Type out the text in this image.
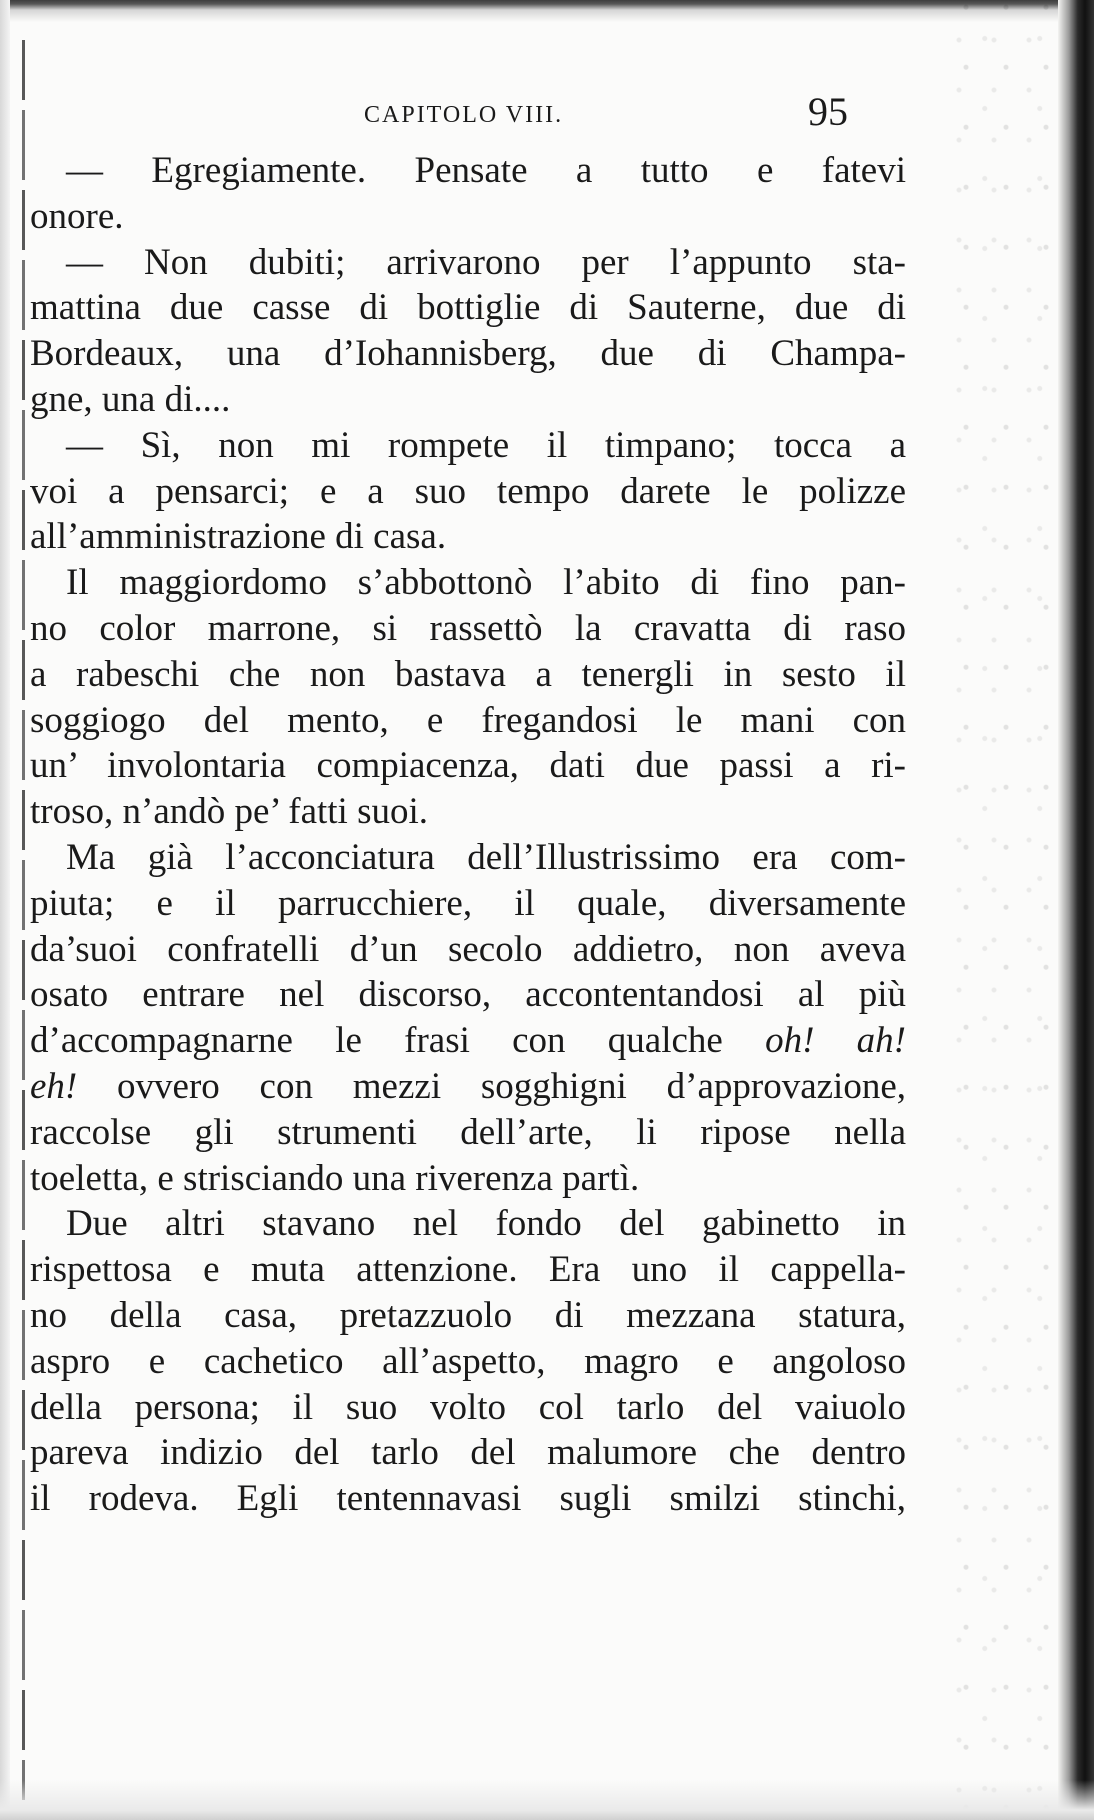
CAPITOLO VIII.	95
— Egregiamente. Pensate a tutto e fatevi
onore.
— Non dubiti; arrivarono per l’appunto sta-
mattina due casse di bottiglie di Sauterne, due di
Bordeaux, una d’Iohannisberg, due di Champa-
gne, una di....
— Sì, non mi rompete il timpano; tocca a
voi a pensarci; e a suo tempo darete le polizze
all’amministrazione di casa.
Il maggiordomo s’abbottonò l’abito di fino pan-
no color marrone, si rassettò la cravatta di raso
a rabeschi che non bastava a tenergli in sesto il
soggiogo del mento, e fregandosi le mani con
un’ involontaria compiacenza, dati due passi a ri-
troso, n’andò pe’ fatti suoi.
Ma già l’acconciatura dell’Illustrissimo era com-
piuta; e il parrucchiere, il quale, diversamente
da’suoi confratelli d’un secolo addietro, non aveva
osato entrare nel discorso, accontentandosi al più
d’accompagnarne le frasi con qualche oh! ah!
eh! ovvero con mezzi sogghigni d’approvazione,
raccolse gli strumenti dell’arte, li ripose nella
toeletta, e strisciando una riverenza partì.
Due altri stavano nel fondo del gabinetto in
rispettosa e muta attenzione. Era uno il cappella-
no della casa, pretazzuolo di mezzana statura,
aspro e cachetico all’aspetto, magro e angoloso
della persona; il suo volto col tarlo del vaiuolo
pareva indizio del tarlo del malumore che dentro
il rodeva. Egli tentennavasi sugli smilzi stinchi,
